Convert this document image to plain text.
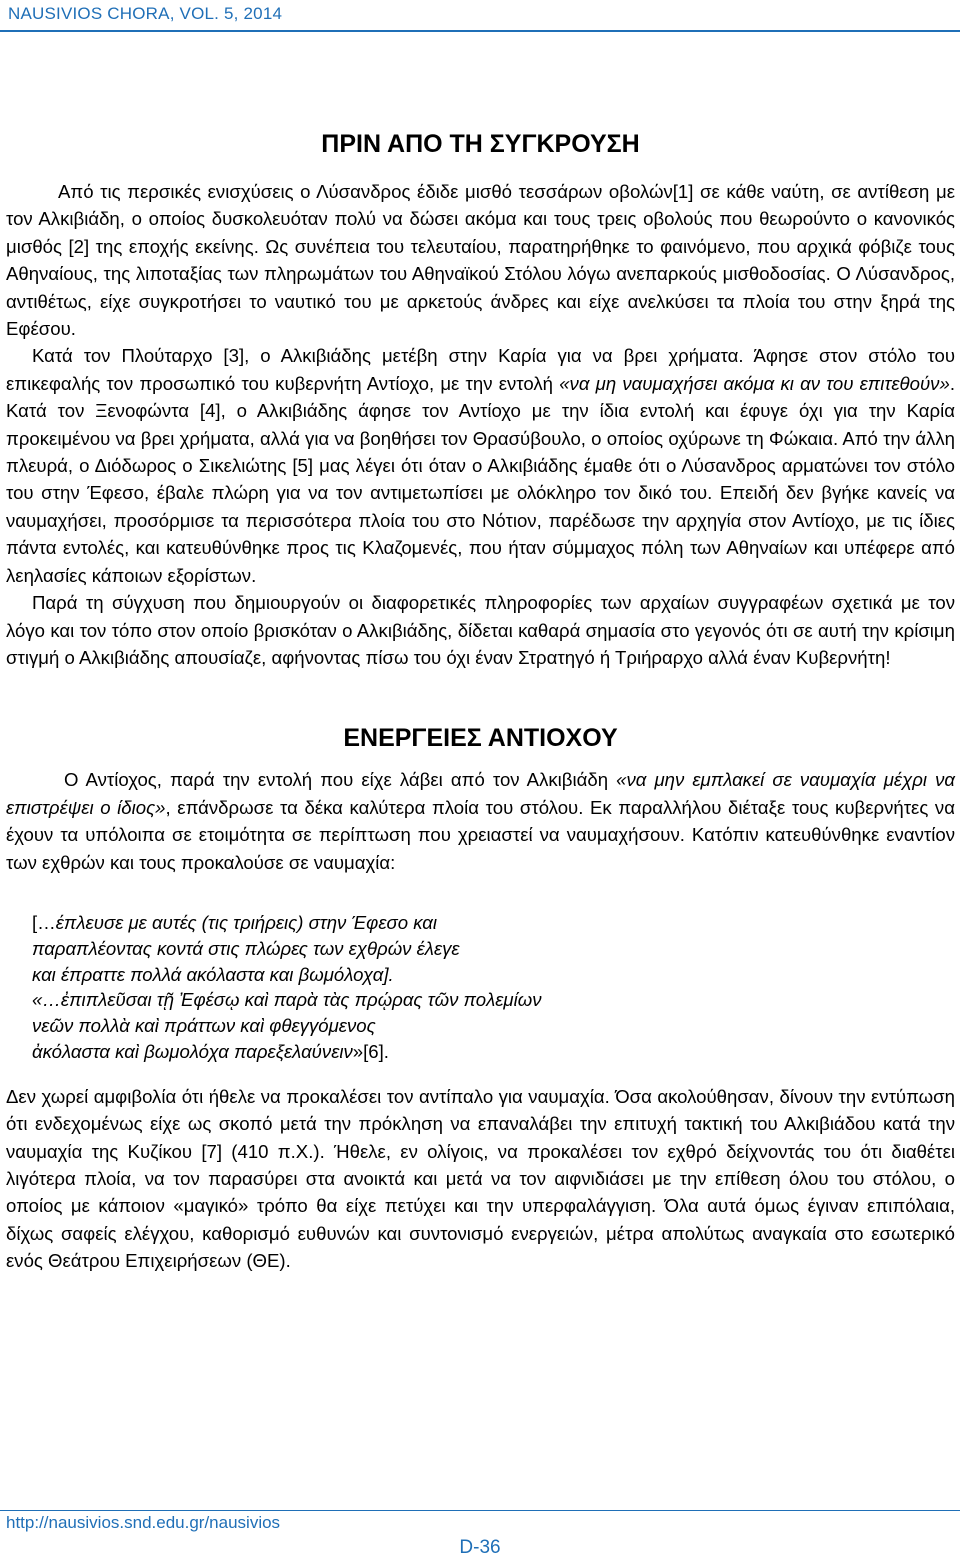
NAUSIVIOS CHORA, VOL. 5, 2014
ΠΡΙΝ ΑΠΟ ΤΗ ΣΥΓΚΡΟΥΣΗ

Από τις περσικές ενισχύσεις ο Λύσανδρος έδιδε μισθό τεσσάρων οβολών[1] σε κάθε ναύτη, σε αντίθεση με τον Αλκιβιάδη, ο οποίος δυσκολευόταν πολύ να δώσει ακόμα και τους τρεις οβολούς που θεωρούντο ο κανονικός μισθός [2] της εποχής εκείνης. Ως συνέπεια του τελευταίου, παρατηρήθηκε το φαινόμενο, που αρχικά φόβιζε τους Αθηναίους, της λιποταξίας των πληρωμάτων του Αθηναϊκού Στόλου λόγω ανεπαρκούς μισθοδοσίας. Ο Λύσανδρος, αντιθέτως, είχε συγκροτήσει το ναυτικό του με αρκετούς άνδρες και είχε ανελκύσει τα πλοία του στην ξηρά της Εφέσου.

Κατά τον Πλούταρχο [3], ο Αλκιβιάδης μετέβη στην Καρία για να βρει χρήματα. Άφησε στον στόλο του επικεφαλής τον προσωπικό του κυβερνήτη Αντίοχο, με την εντολή «να μη ναυμαχήσει ακόμα κι αν του επιτεθούν». Κατά τον Ξενοφώντα [4], ο Αλκιβιάδης άφησε τον Αντίοχο με την ίδια εντολή και έφυγε όχι για την Καρία προκειμένου να βρει χρήματα, αλλά για να βοηθήσει τον Θρασύβουλο, ο οποίος οχύρωνε τη Φώκαια. Από την άλλη πλευρά, ο Διόδωρος ο Σικελιώτης [5] μας λέγει ότι όταν ο Αλκιβιάδης έμαθε ότι ο Λύσανδρος αρματώνει τον στόλο του στην Έφεσο, έβαλε πλώρη για να τον αντιμετωπίσει με ολόκληρο τον δικό του. Επειδή δεν βγήκε κανείς να ναυμαχήσει, προσόρμισε τα περισσότερα πλοία του στο Νότιον, παρέδωσε την αρχηγία στον Αντίοχο, με τις ίδιες πάντα εντολές, και κατευθύνθηκε προς τις Κλαζομενές, που ήταν σύμμαχος πόλη των Αθηναίων και υπέφερε από λεηλασίες κάποιων εξορίστων.

Παρά τη σύγχυση που δημιουργούν οι διαφορετικές πληροφορίες των αρχαίων συγγραφέων σχετικά με τον λόγο και τον τόπο στον οποίο βρισκόταν ο Αλκιβιάδης, δίδεται καθαρά σημασία στο γεγονός ότι σε αυτή την κρίσιμη στιγμή ο Αλκιβιάδης απουσίαζε, αφήνοντας πίσω του όχι έναν Στρατηγό ή Τριήραρχο αλλά έναν Κυβερνήτη!

ΕΝΕΡΓΕΙΕΣ ΑΝΤΙΟΧΟΥ

Ο Αντίοχος, παρά την εντολή που είχε λάβει από τον Αλκιβιάδη «να μην εμπλακεί σε ναυμαχία μέχρι να επιστρέψει ο ίδιος», επάνδρωσε τα δέκα καλύτερα πλοία του στόλου. Εκ παραλλήλου διέταξε τους κυβερνήτες να έχουν τα υπόλοιπα σε ετοιμότητα σε περίπτωση που χρειαστεί να ναυμαχήσουν. Κατόπιν κατευθύνθηκε εναντίον των εχθρών και τους προκαλούσε σε ναυμαχία:

[…έπλευσε με αυτές (τις τριήρεις) στην Έφεσο και
παραπλέοντας κοντά στις πλώρες των εχθρών έλεγε
και έπραττε πολλά ακόλαστα και βωμόλοχα].
«…ἐπιπλεῦσαι τῇ Ἐφέσῳ καὶ παρὰ τὰς πρῴρας τῶν πολεμίων
νεῶν πολλὰ καὶ πράττων καὶ φθεγγόμενος
ἀκόλαστα καὶ βωμολόχα παρεξελαύνειν»[6].

Δεν χωρεί αμφιβολία ότι ήθελε να προκαλέσει τον αντίπαλο για ναυμαχία. Όσα ακολούθησαν, δίνουν την εντύπωση ότι ενδεχομένως είχε ως σκοπό μετά την πρόκληση να επαναλάβει την επιτυχή τακτική του Αλκιβιάδου κατά την ναυμαχία της Κυζίκου [7] (410 π.Χ.). Ήθελε, εν ολίγοις, να προκαλέσει τον εχθρό δείχνοντάς του ότι διαθέτει λιγότερα πλοία, να τον παρασύρει στα ανοικτά και μετά να τον αιφνιδιάσει με την επίθεση όλου του στόλου, ο οποίος με κάποιον «μαγικό» τρόπο θα είχε πετύχει και την υπερφαλάγγιση. Όλα αυτά όμως έγιναν επιπόλαια, δίχως σαφείς ελέγχου, καθορισμό ευθυνών και συντονισμό ενεργειών, μέτρα απολύτως αναγκαία στο εσωτερικό ενός Θεάτρου Επιχειρήσεων (ΘΕ).

http://nausivios.snd.edu.gr/nausivios
D-36
